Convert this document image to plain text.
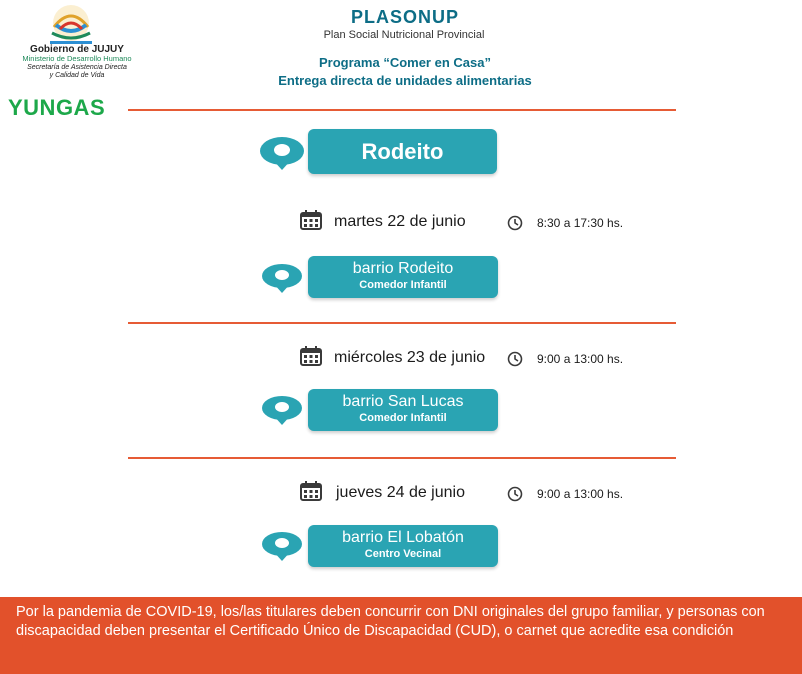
Gobierno de JUJUY
Ministerio de Desarrollo Humano
Secretaría de Asistencia Directa
y Calidad de Vida
YUNGAS
PLASONUP
Plan Social Nutricional Provincial
Programa “Comer en Casa”
Entrega directa de unidades alimentarias
Rodeito
martes 22 de junio	8:30 a 17:30 hs.
barrio Rodeito
Comedor Infantil
miércoles 23 de junio	9:00 a 13:00 hs.
barrio San Lucas
Comedor Infantil
jueves 24 de junio	9:00 a 13:00 hs.
barrio El Lobatón
Centro Vecinal

Por la pandemia de COVID-19, los/las titulares deben concurrir con DNI originales del grupo familiar, y personas con discapacidad deben presentar el Certificado Único de Discapacidad (CUD), o carnet que acredite esa condición
